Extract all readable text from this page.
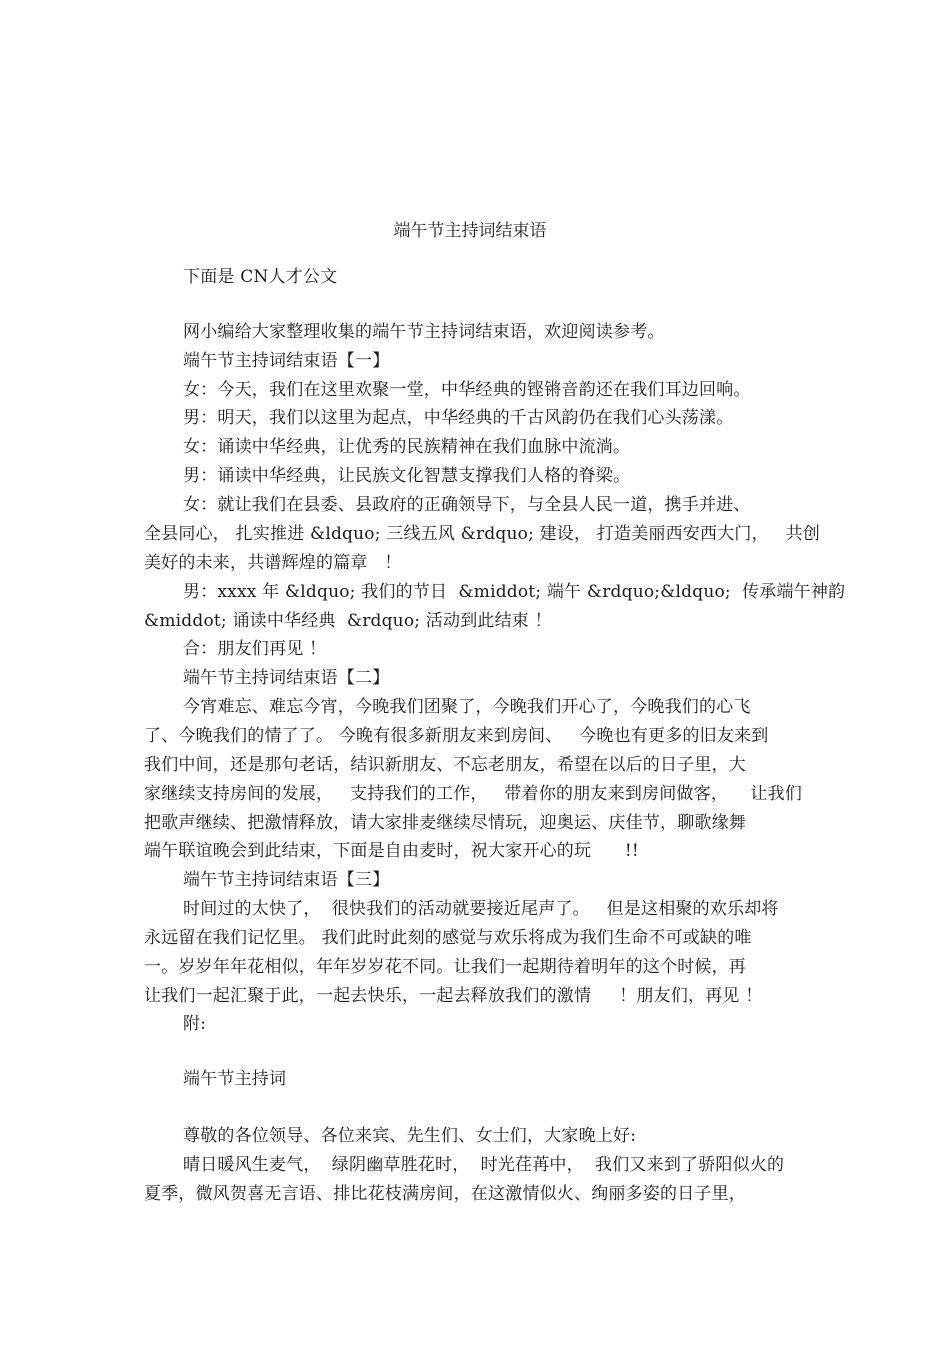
端午节主持词结束语
下面是 CN人才公文
网小编给大家整理收集的端午节主持词结束语，欢迎阅读参考。
端午节主持词结束语【一】
女：今天，我们在这里欢聚一堂，中华经典的铿锵音韵还在我们耳边回响。
男：明天，我们以这里为起点，中华经典的千古风韵仍在我们心头荡漾。
女：诵读中华经典，让优秀的民族精神在我们血脉中流淌。
男：诵读中华经典，让民族文化智慧支撑我们人格的脊梁。
女：就让我们在县委、县政府的正确领导下，与全县人民一道，携手并进、
全县同心， 扎实推进 &ldquo; 三线五风 &rdquo; 建设， 打造美丽西安西大门，   共创
美好的未来，共谱辉煌的篇章   ！
男：xxxx 年 &ldquo; 我们的节日  &middot; 端午 &rdquo;&ldquo;  传承端午神韵
&middot; 诵读中华经典  &rdquo; 活动到此结束 ！
合：朋友们再见 ！
端午节主持词结束语【二】
今宵难忘、难忘今宵，今晚我们团聚了，今晚我们开心了，今晚我们的心飞
了、今晚我们的情了了。 今晚有很多新朋友来到房间、   今晚也有更多的旧友来到
我们中间，还是那句老话，结识新朋友、不忘老朋友，希望在以后的日子里，大
家继续支持房间的发展，   支持我们的工作，   带着你的朋友来到房间做客，    让我们
把歌声继续、把激情释放，请大家排麦继续尽情玩，迎奥运、庆佳节，聊歌缘舞
端午联谊晚会到此结束，下面是自由麦时，祝大家开心的玩      !!
端午节主持词结束语【三】
时间过的太快了，  很快我们的活动就要接近尾声了。   但是这相聚的欢乐却将
永远留在我们记忆里。 我们此时此刻的感觉与欢乐将成为我们生命不可或缺的唯
一。岁岁年年花相似，年年岁岁花不同。让我们一起期待着明年的这个时候，再
让我们一起汇聚于此，一起去快乐，一起去释放我们的激情     ！朋友们，再见 ！
附:
端午节主持词
尊敬的各位领导、各位来宾、先生们、女士们，大家晚上好:
晴日暖风生麦气，  绿阴幽草胜花时，  时光荏苒中，  我们又来到了骄阳似火的
夏季，微风贺喜无言语、排比花枝满房间，在这激情似火、绚丽多姿的日子里，
